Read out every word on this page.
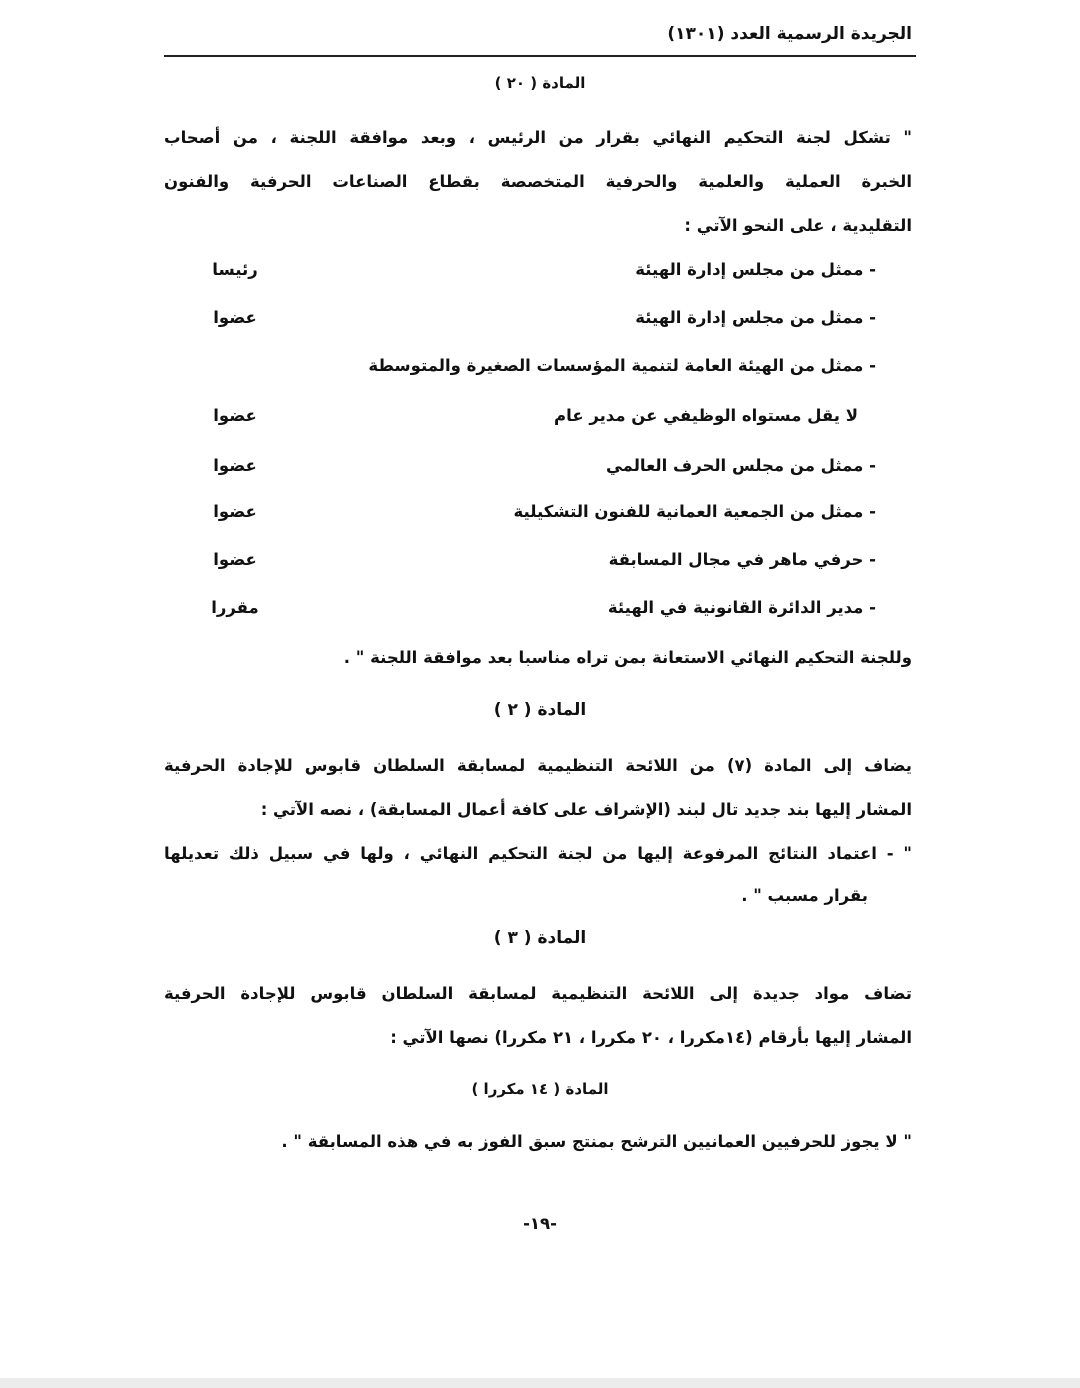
الجريدة الرسمية العدد (١٣٠١)
المادة ( ٢٠ )
" تشكل لجنة التحكيم النهائي بقرار من الرئيس ، وبعد موافقة اللجنة ، من أصحاب
الخبرة العملية والعلمية والحرفية المتخصصة بقطاع الصناعات الحرفية والفنون
التقليدية ، على النحو الآتي :
- ممثل من مجلس إدارة الهيئة
رئيسا
- ممثل من مجلس إدارة الهيئة
عضوا
- ممثل من الهيئة العامة لتنمية المؤسسات الصغيرة والمتوسطة
لا يقل مستواه الوظيفي عن مدير عام
عضوا
- ممثل من مجلس الحرف العالمي
عضوا
- ممثل من الجمعية العمانية للفنون التشكيلية
عضوا
- حرفي ماهر في مجال المسابقة
عضوا
- مدير الدائرة القانونية في الهيئة
مقررا
وللجنة التحكيم النهائي الاستعانة بمن تراه مناسبا بعد موافقة اللجنة " .
المادة ( ٢ )
يضاف إلى المادة (٧) من اللائحة التنظيمية لمسابقة السلطان قابوس للإجادة الحرفية
المشار إليها بند جديد تال لبند (الإشراف على كافة أعمال المسابقة) ، نصه الآتي :
" - اعتماد النتائج المرفوعة إليها من لجنة التحكيم النهائي ، ولها في سبيل ذلك تعديلها
بقرار مسبب " .
المادة ( ٣ )
تضاف مواد جديدة إلى اللائحة التنظيمية لمسابقة السلطان قابوس للإجادة الحرفية
المشار إليها بأرقام (١٤مكررا ، ٢٠ مكررا ، ٢١ مكررا) نصها الآتي :
المادة ( ١٤ مكررا )
" لا يجوز للحرفيين العمانيين الترشح بمنتج سبق الفوز به في هذه المسابقة " .
-١٩-
